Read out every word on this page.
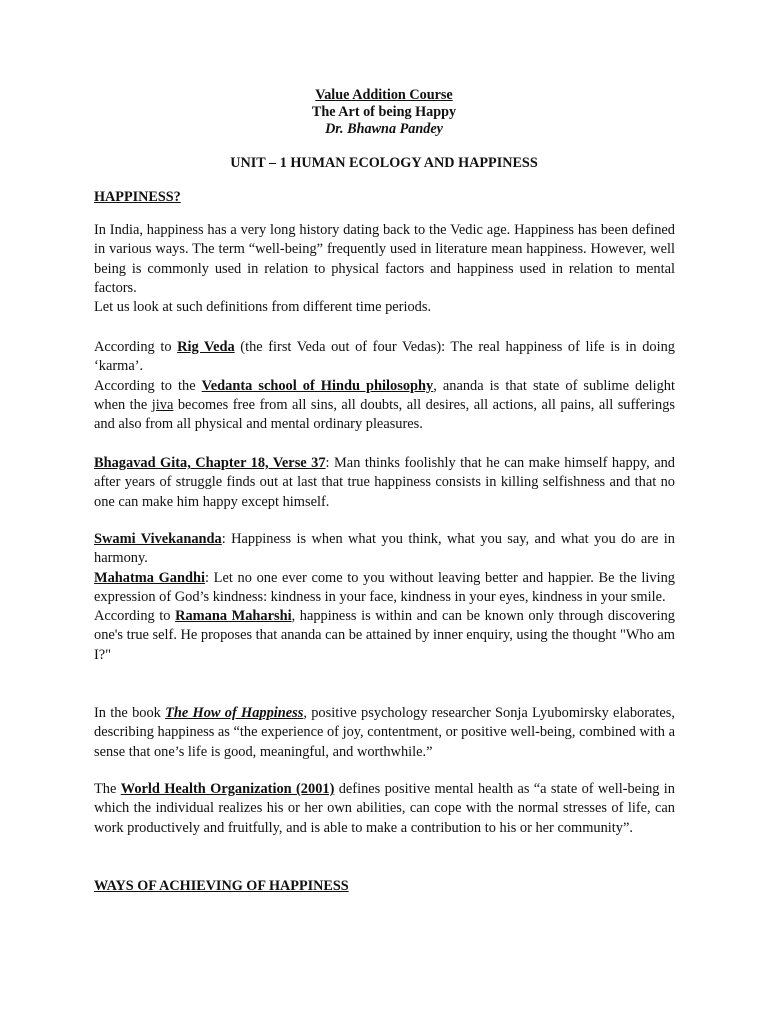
Value Addition Course
The Art of being Happy
Dr. Bhawna Pandey
UNIT – 1 HUMAN ECOLOGY AND HAPPINESS
HAPPINESS?

In India, happiness has a very long history dating back to the Vedic age. Happiness has been defined in various ways. The term “well-being” frequently used in literature mean happiness. However, well being is commonly used in relation to physical factors and happiness used in relation to mental factors.

Let us look at such definitions from different time periods.

According to Rig Veda (the first Veda out of four Vedas): The real happiness of life is in doing ‘karma’.

According to the Vedanta school of Hindu philosophy, ananda is that state of sublime delight when the jiva becomes free from all sins, all doubts, all desires, all actions, all pains, all sufferings and also from all physical and mental ordinary pleasures.

Bhagavad Gita, Chapter 18, Verse 37: Man thinks foolishly that he can make himself happy, and after years of struggle finds out at last that true happiness consists in killing selfishness and that no one can make him happy except himself.

Swami Vivekananda: Happiness is when what you think, what you say, and what you do are in harmony.

Mahatma Gandhi: Let no one ever come to you without leaving better and happier. Be the living expression of God’s kindness: kindness in your face, kindness in your eyes, kindness in your smile.

According to Ramana Maharshi, happiness is within and can be known only through discovering one's true self. He proposes that ananda can be attained by inner enquiry, using the thought "Who am I?"

In the book The How of Happiness, positive psychology researcher Sonja Lyubomirsky elaborates, describing happiness as “the experience of joy, contentment, or positive well-being, combined with a sense that one’s life is good, meaningful, and worthwhile.”

The World Health Organization (2001) defines positive mental health as “a state of well-being in which the individual realizes his or her own abilities, can cope with the normal stresses of life, can work productively and fruitfully, and is able to make a contribution to his or her community”.

WAYS OF ACHIEVING OF HAPPINESS
